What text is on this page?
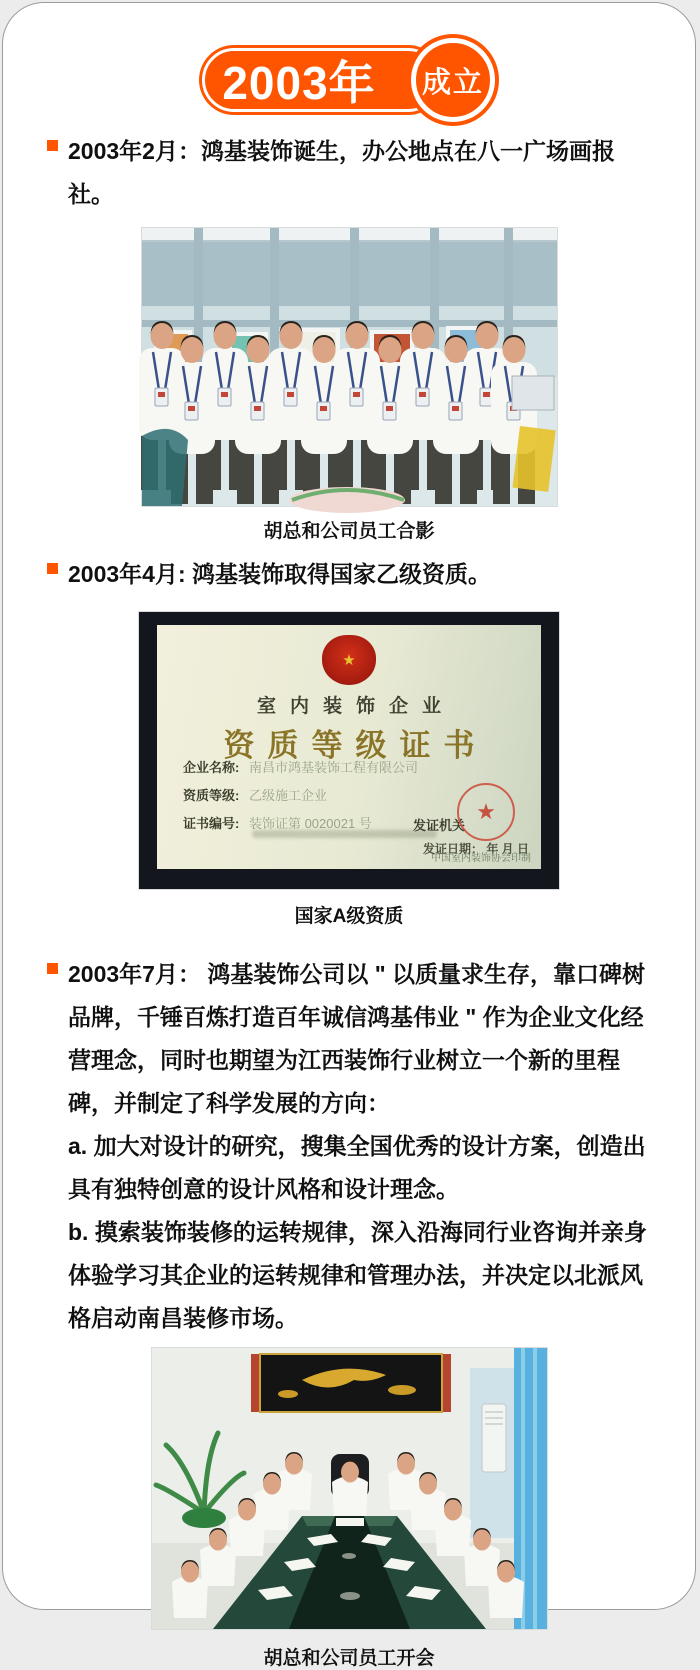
2003年 成立
2003年2月：鸿基装饰诞生，办公地点在八一广场画报社。
胡总和公司员工合影
2003年4月: 鸿基装饰取得国家乙级资质。
★
室内装饰企业
资质等级证书
企业名称: 南昌市鸿基装饰工程有限公司
资质等级: 乙级施工企业
证书编号: 装饰证第 0020021 号	发证机关
★
发证日期： 年 月 日
中国室内装饰协会印制
国家A级资质

2003年7月： 鸿基装饰公司以 " 以质量求生存，靠口碑树品牌，千锤百炼打造百年诚信鸿基伟业 " 作为企业文化经营理念，同时也期望为江西装饰行业树立一个新的里程碑，并制定了科学发展的方向：

a. 加大对设计的研究，搜集全国优秀的设计方案，创造出具有独特创意的设计风格和设计理念。

b. 摸索装饰装修的运转规律，深入沿海同行业咨询并亲身体验学习其企业的运转规律和管理办法，并决定以北派风格启动南昌装修市场。

胡总和公司员工开会
